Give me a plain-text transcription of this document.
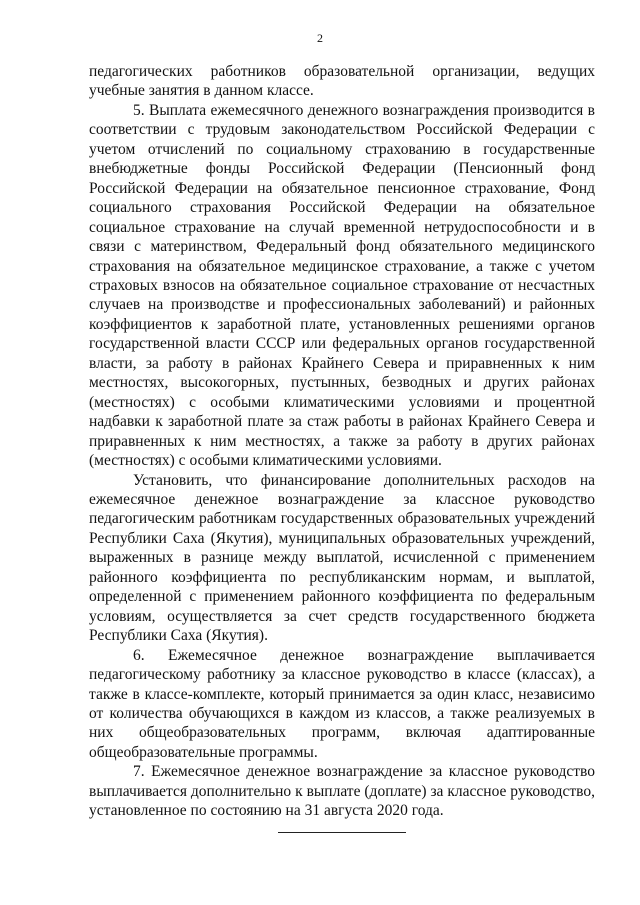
2

педагогических работников образовательной организации, ведущих учебные занятия в данном классе.

5. Выплата ежемесячного денежного вознаграждения производится в соответствии с трудовым законодательством Российской Федерации с учетом отчислений по социальному страхованию в государственные внебюджетные фонды Российской Федерации (Пенсионный фонд Российской Федерации на обязательное пенсионное страхование, Фонд социального страхования Российской Федерации на обязательное социальное страхование на случай временной нетрудоспособности и в связи с материнством, Федеральный фонд обязательного медицинского страхования на обязательное медицинское страхование, а также с учетом страховых взносов на обязательное социальное страхование от несчастных случаев на производстве и профессиональных заболеваний) и районных коэффициентов к заработной плате, установленных решениями органов государственной власти СССР или федеральных органов государственной власти, за работу в районах Крайнего Севера и приравненных к ним местностях, высокогорных, пустынных, безводных и других районах (местностях) с особыми климатическими условиями и процентной надбавки к заработной плате за стаж работы в районах Крайнего Севера и приравненных к ним местностях, а также за работу в других районах (местностях) с особыми климатическими условиями.

Установить, что финансирование дополнительных расходов на ежемесячное денежное вознаграждение за классное руководство педагогическим работникам государственных образовательных учреждений Республики Саха (Якутия), муниципальных образовательных учреждений, выраженных в разнице между выплатой, исчисленной с применением районного коэффициента по республиканским нормам, и выплатой, определенной с применением районного коэффициента по федеральным условиям, осуществляется за счет средств государственного бюджета Республики Саха (Якутия).

6. Ежемесячное денежное вознаграждение выплачивается педагогическому работнику за классное руководство в классе (классах), а также в классе-комплекте, который принимается за один класс, независимо от количества обучающихся в каждом из классов, а также реализуемых в них общеобразовательных программ, включая адаптированные общеобразовательные программы.

7. Ежемесячное денежное вознаграждение за классное руководство выплачивается дополнительно к выплате (доплате) за классное руководство, установленное по состоянию на 31 августа 2020 года.
